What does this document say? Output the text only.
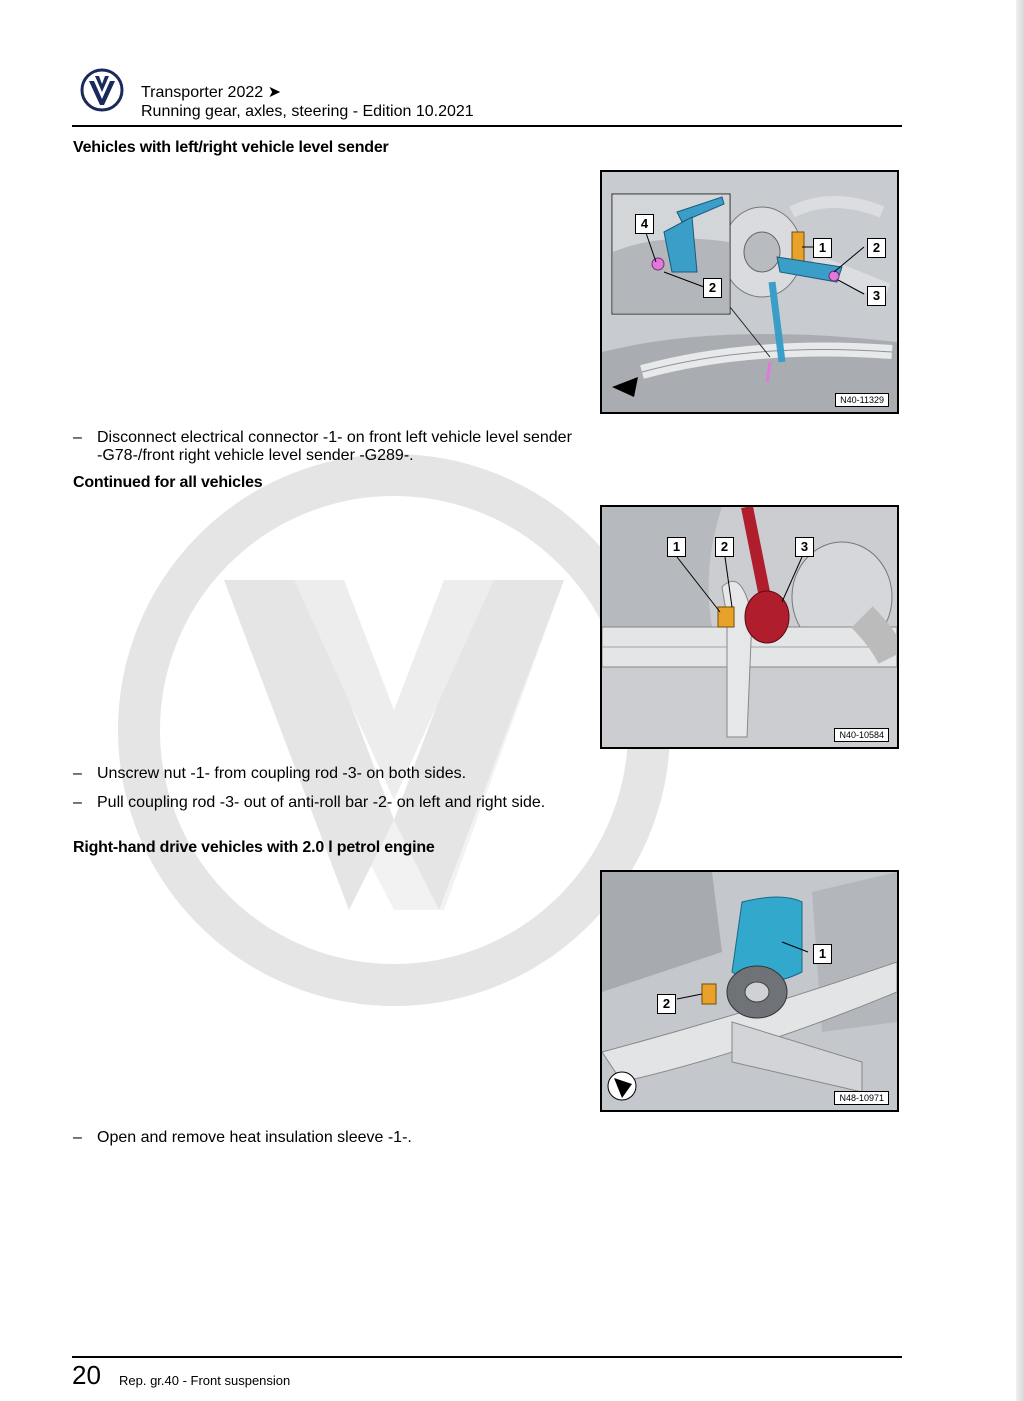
Transporter 2022 ➤
Running gear, axles, steering - Edition 10.2021
Vehicles with left/right vehicle level sender
4
2
1	2
3
N40-11329
– Disconnect electrical connector -1- on front left vehicle level sender -G78-/front right vehicle level sender -G289-.
Continued for all vehicles
1	2	3
N40-10584
– Unscrew nut -1- from coupling rod -3- on both sides.
– Pull coupling rod -3- out of anti-roll bar -2- on left and right side.
Right-hand drive vehicles with 2.0 l petrol engine
1
2
N48-10971
– Open and remove heat insulation sleeve -1-.
20 Rep. gr.40 - Front suspension
